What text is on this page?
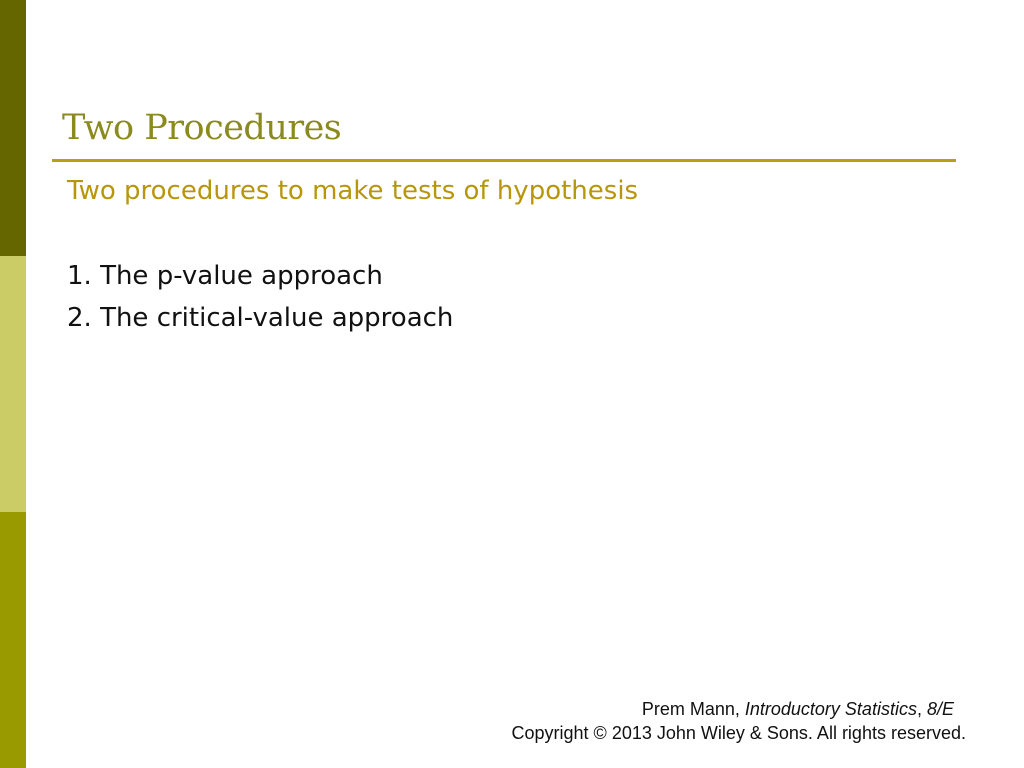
Two Procedures
Two procedures to make tests of hypothesis
1. The p-value approach
2. The critical-value approach
Prem Mann, Introductory Statistics, 8/E
Copyright © 2013 John Wiley & Sons. All rights reserved.
